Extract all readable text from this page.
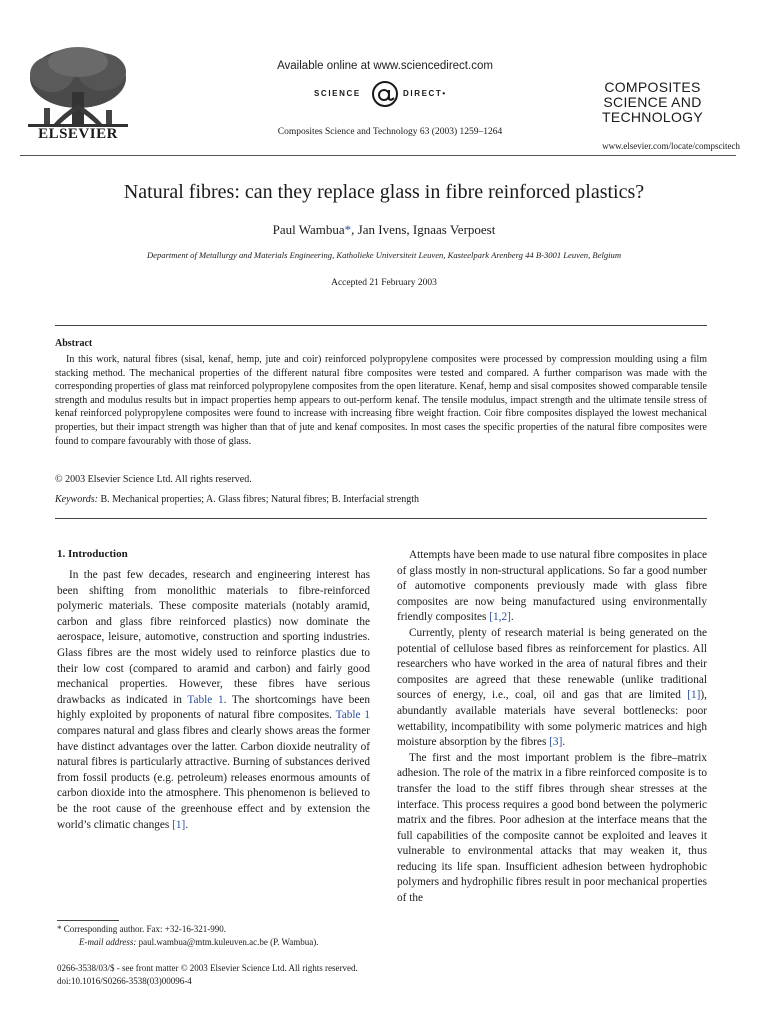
ELSEVIER
Available online at www.sciencedirect.com
SCIENCE	DIRECT•
Composites Science and Technology 63 (2003) 1259–1264
COMPOSITES
SCIENCE AND
TECHNOLOGY
www.elsevier.com/locate/compscitech
Natural fibres: can they replace glass in fibre reinforced plastics?
Paul Wambua*, Jan Ivens, Ignaas Verpoest
Department of Metallurgy and Materials Engineering, Katholieke Universiteit Leuven, Kasteelpark Arenberg 44 B-3001 Leuven, Belgium
Accepted 21 February 2003
Abstract

In this work, natural fibres (sisal, kenaf, hemp, jute and coir) reinforced polypropylene composites were processed by compression moulding using a film stacking method. The mechanical properties of the different natural fibre composites were tested and compared. A further comparison was made with the corresponding properties of glass mat reinforced polypropylene composites from the open literature. Kenaf, hemp and sisal composites showed comparable tensile strength and modulus results but in impact properties hemp appears to out-perform kenaf. The tensile modulus, impact strength and the ultimate tensile stress of kenaf reinforced polypropylene composites were found to increase with increasing fibre weight fraction. Coir fibre composites displayed the lowest mechanical properties, but their impact strength was higher than that of jute and kenaf composites. In most cases the specific properties of the natural fibre composites were found to compare favourably with those of glass.

© 2003 Elsevier Science Ltd. All rights reserved.
Keywords: B. Mechanical properties; A. Glass fibres; Natural fibres; B. Interfacial strength
1. Introduction

In the past few decades, research and engineering interest has been shifting from monolithic materials to fibre-reinforced polymeric materials. These composite materials (notably aramid, carbon and glass fibre reinforced plastics) now dominate the aerospace, leisure, automotive, construction and sporting industries. Glass fibres are the most widely used to reinforce plastics due to their low cost (compared to aramid and carbon) and fairly good mechanical properties. However, these fibres have serious drawbacks as indicated in Table 1. The shortcomings have been highly exploited by proponents of natural fibre composites. Table 1 compares natural and glass fibres and clearly shows areas the former have distinct advantages over the latter. Carbon dioxide neutrality of natural fibres is particularly attractive. Burning of substances derived from fossil products (e.g. petroleum) releases enormous amounts of carbon dioxide into the atmosphere. This phenomenon is believed to be the root cause of the greenhouse effect and by extension the world’s climatic changes [1].

Attempts have been made to use natural fibre composites in place of glass mostly in non-structural applications. So far a good number of automotive components previously made with glass fibre composites are now being manufactured using environmentally friendly composites [1,2].

Currently, plenty of research material is being generated on the potential of cellulose based fibres as reinforcement for plastics. All researchers who have worked in the area of natural fibres and their composites are agreed that these renewable (unlike traditional sources of energy, i.e., coal, oil and gas that are limited [1]), abundantly available materials have several bottlenecks: poor wettability, incompatibility with some polymeric matrices and high moisture absorption by the fibres [3].

The first and the most important problem is the fibre–matrix adhesion. The role of the matrix in a fibre reinforced composite is to transfer the load to the stiff fibres through shear stresses at the interface. This process requires a good bond between the polymeric matrix and the fibres. Poor adhesion at the interface means that the full capabilities of the composite cannot be exploited and leaves it vulnerable to environmental attacks that may weaken it, thus reducing its life span. Insufficient adhesion between hydrophobic polymers and hydrophilic fibres result in poor mechanical properties of the

* Corresponding author. Fax: +32-16-321-990.
E-mail address: paul.wambua@mtm.kuleuven.ac.be (P. Wambua).
0266-3538/03/$ - see front matter © 2003 Elsevier Science Ltd. All rights reserved.
doi:10.1016/S0266-3538(03)00096-4
